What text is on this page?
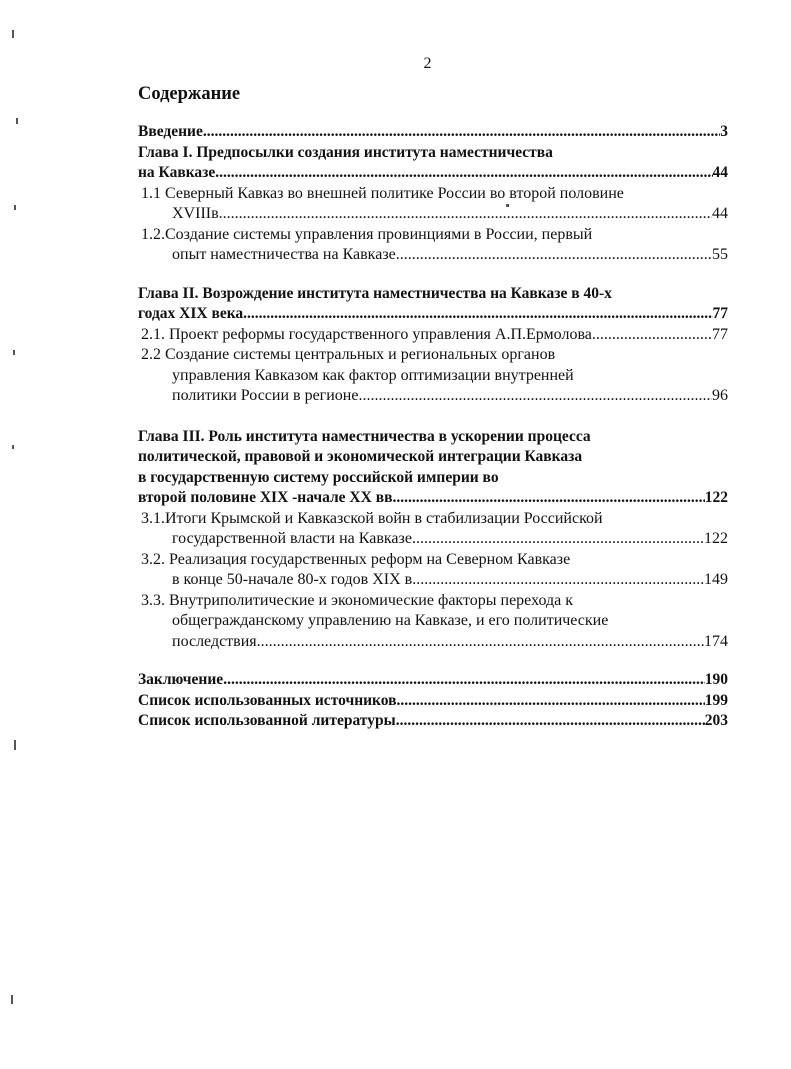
2
Содержание
Введение .....	3
Глава I. Предпосылки создания института наместничества
на Кавказе .....	44
1.1 Северный Кавказ во внешней политике России во второй половине
XVIIIв. .....	44
1.2.Создание системы управления провинциями в России, первый
опыт наместничества на Кавказе .....	55
Глава II. Возрождение института наместничества на Кавказе в 40-х
годах XIX века .....	77
2.1. Проект реформы государственного управления А.П.Ермолова .....	77
2.2 Создание системы центральных и региональных органов
управления Кавказом как фактор оптимизации внутренней
политики России в регионе. .....	96
Глава III. Роль института наместничества в ускорении процесса
политической, правовой и экономической интеграции Кавказа
в государственную систему российской империи во
второй половине XIX -начале XX вв. .....	122
3.1.Итоги Крымской и Кавказской войн в стабилизации Российской
государственной власти на Кавказе .....	122
3.2. Реализация государственных реформ на Северном Кавказе
в конце 50-начале 80-х годов XIX в. .....	149
3.3. Внутриполитические и экономические факторы перехода к
общегражданскому управлению на Кавказе, и его политические
последствия .....	174
Заключение .....	190
Список использованных источников .....	199
Список использованной литературы .....	203
